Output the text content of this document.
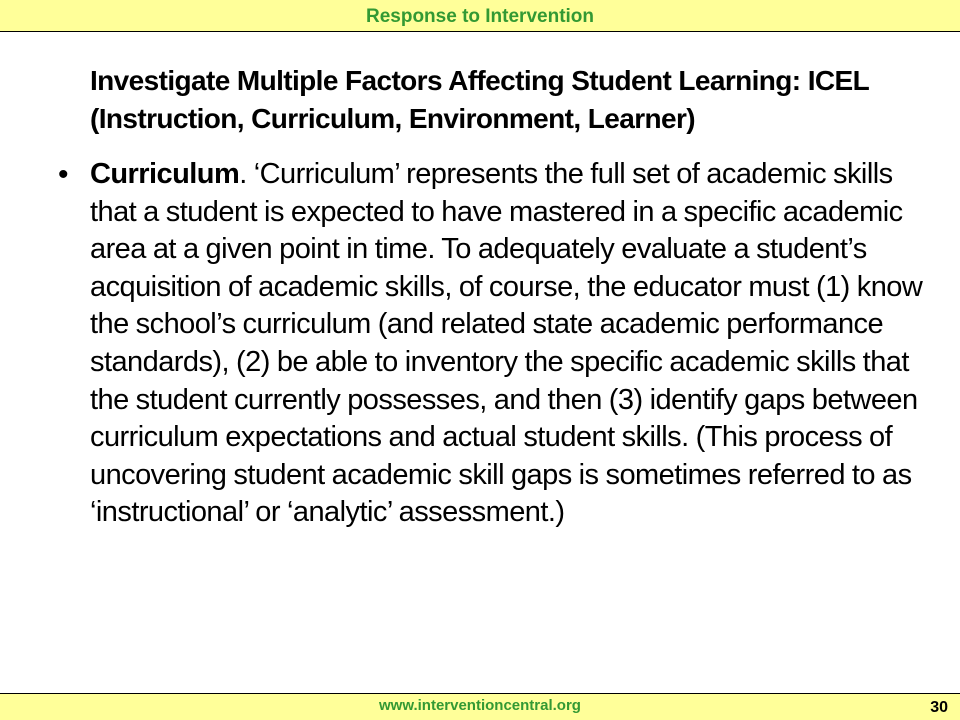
Response to Intervention
Investigate Multiple Factors Affecting Student Learning: ICEL (Instruction, Curriculum, Environment, Learner)
• Curriculum. ‘Curriculum’ represents the full set of academic skills that a student is expected to have mastered in a specific academic area at a given point in time. To adequately evaluate a student’s acquisition of academic skills, of course, the educator must (1) know the school’s curriculum (and related state academic performance standards), (2) be able to inventory the specific academic skills that the student currently possesses, and then (3) identify gaps between curriculum expectations and actual student skills. (This process of uncovering student academic skill gaps is sometimes referred to as ‘instructional’ or ‘analytic’ assessment.)
www.interventioncentral.org	30
